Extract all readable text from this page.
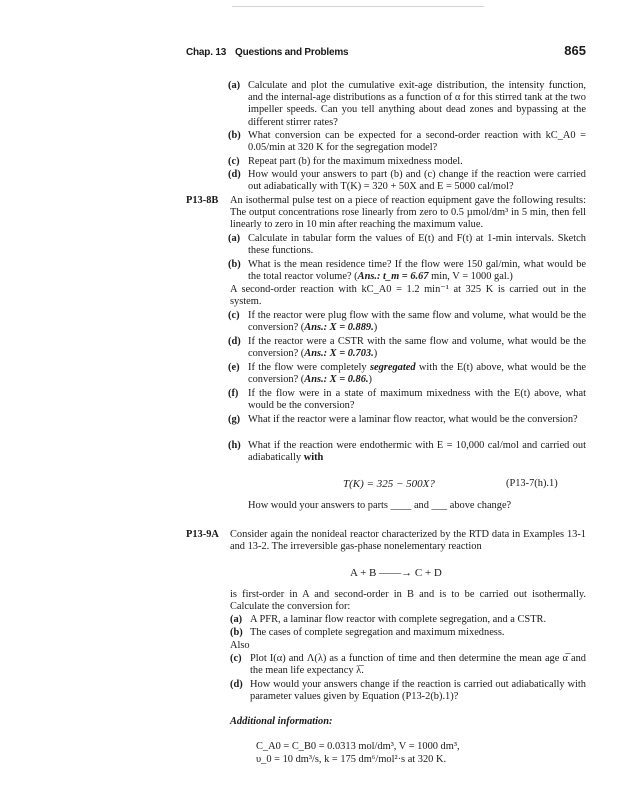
Chap. 13 Questions and Problems	865
(a) Calculate and plot the cumulative exit-age distribution, the intensity function, and the internal-age distributions as a function of α for this stirred tank at the two impeller speeds. Can you tell anything about dead zones and bypassing at the different stirrer rates?
(b) What conversion can be expected for a second-order reaction with kC_A0 = 0.05/min at 320 K for the segregation model?
(c) Repeat part (b) for the maximum mixedness model.
(d) How would your answers to part (b) and (c) change if the reaction were carried out adiabatically with T(K) = 320 + 50X and E = 5000 cal/mol?
P13-8B An isothermal pulse test on a piece of reaction equipment gave the following results: The output concentrations rose linearly from zero to 0.5 µmol/dm³ in 5 min, then fell linearly to zero in 10 min after reaching the maximum value.
(a) Calculate in tabular form the values of E(t) and F(t) at 1-min intervals. Sketch these functions.
(b) What is the mean residence time? If the flow were 150 gal/min, what would be the total reactor volume? (Ans.: t_m = 6.67 min, V = 1000 gal.)
A second-order reaction with kC_A0 = 1.2 min⁻¹ at 325 K is carried out in the system.
(c) If the reactor were plug flow with the same flow and volume, what would be the conversion? (Ans.: X = 0.889.)
(d) If the reactor were a CSTR with the same flow and volume, what would be the conversion? (Ans.: X = 0.703.)
(e) If the flow were completely segregated with the E(t) above, what would be the conversion? (Ans.: X = 0.86.)
(f) If the flow were in a state of maximum mixedness with the E(t) above, what would be the conversion?
(g) What if the reactor were a laminar flow reactor, what would be the conversion?
(h) What if the reaction were endothermic with E = 10,000 cal/mol and carried out adiabatically with
T(K) = 325 − 500X?	(P13-7(h).1)
How would your answers to parts ____ and ___ above change?
P13-9A Consider again the nonideal reactor characterized by the RTD data in Examples 13-1 and 13-2. The irreversible gas-phase nonelementary reaction
A + B ——→ C + D
is first-order in A and second-order in B and is to be carried out isothermally. Calculate the conversion for:
(a) A PFR, a laminar flow reactor with complete segregation, and a CSTR.
(b) The cases of complete segregation and maximum mixedness.
Also
(c) Plot I(α) and Λ(λ) as a function of time and then determine the mean age α̅ and the mean life expectancy λ̅.
(d) How would your answers change if the reaction is carried out adiabatically with parameter values given by Equation (P13-2(b).1)?
Additional information:
C_A0 = C_B0 = 0.0313 mol/dm³, V = 1000 dm³,
υ_0 = 10 dm³/s, k = 175 dm⁶/mol²·s at 320 K.
